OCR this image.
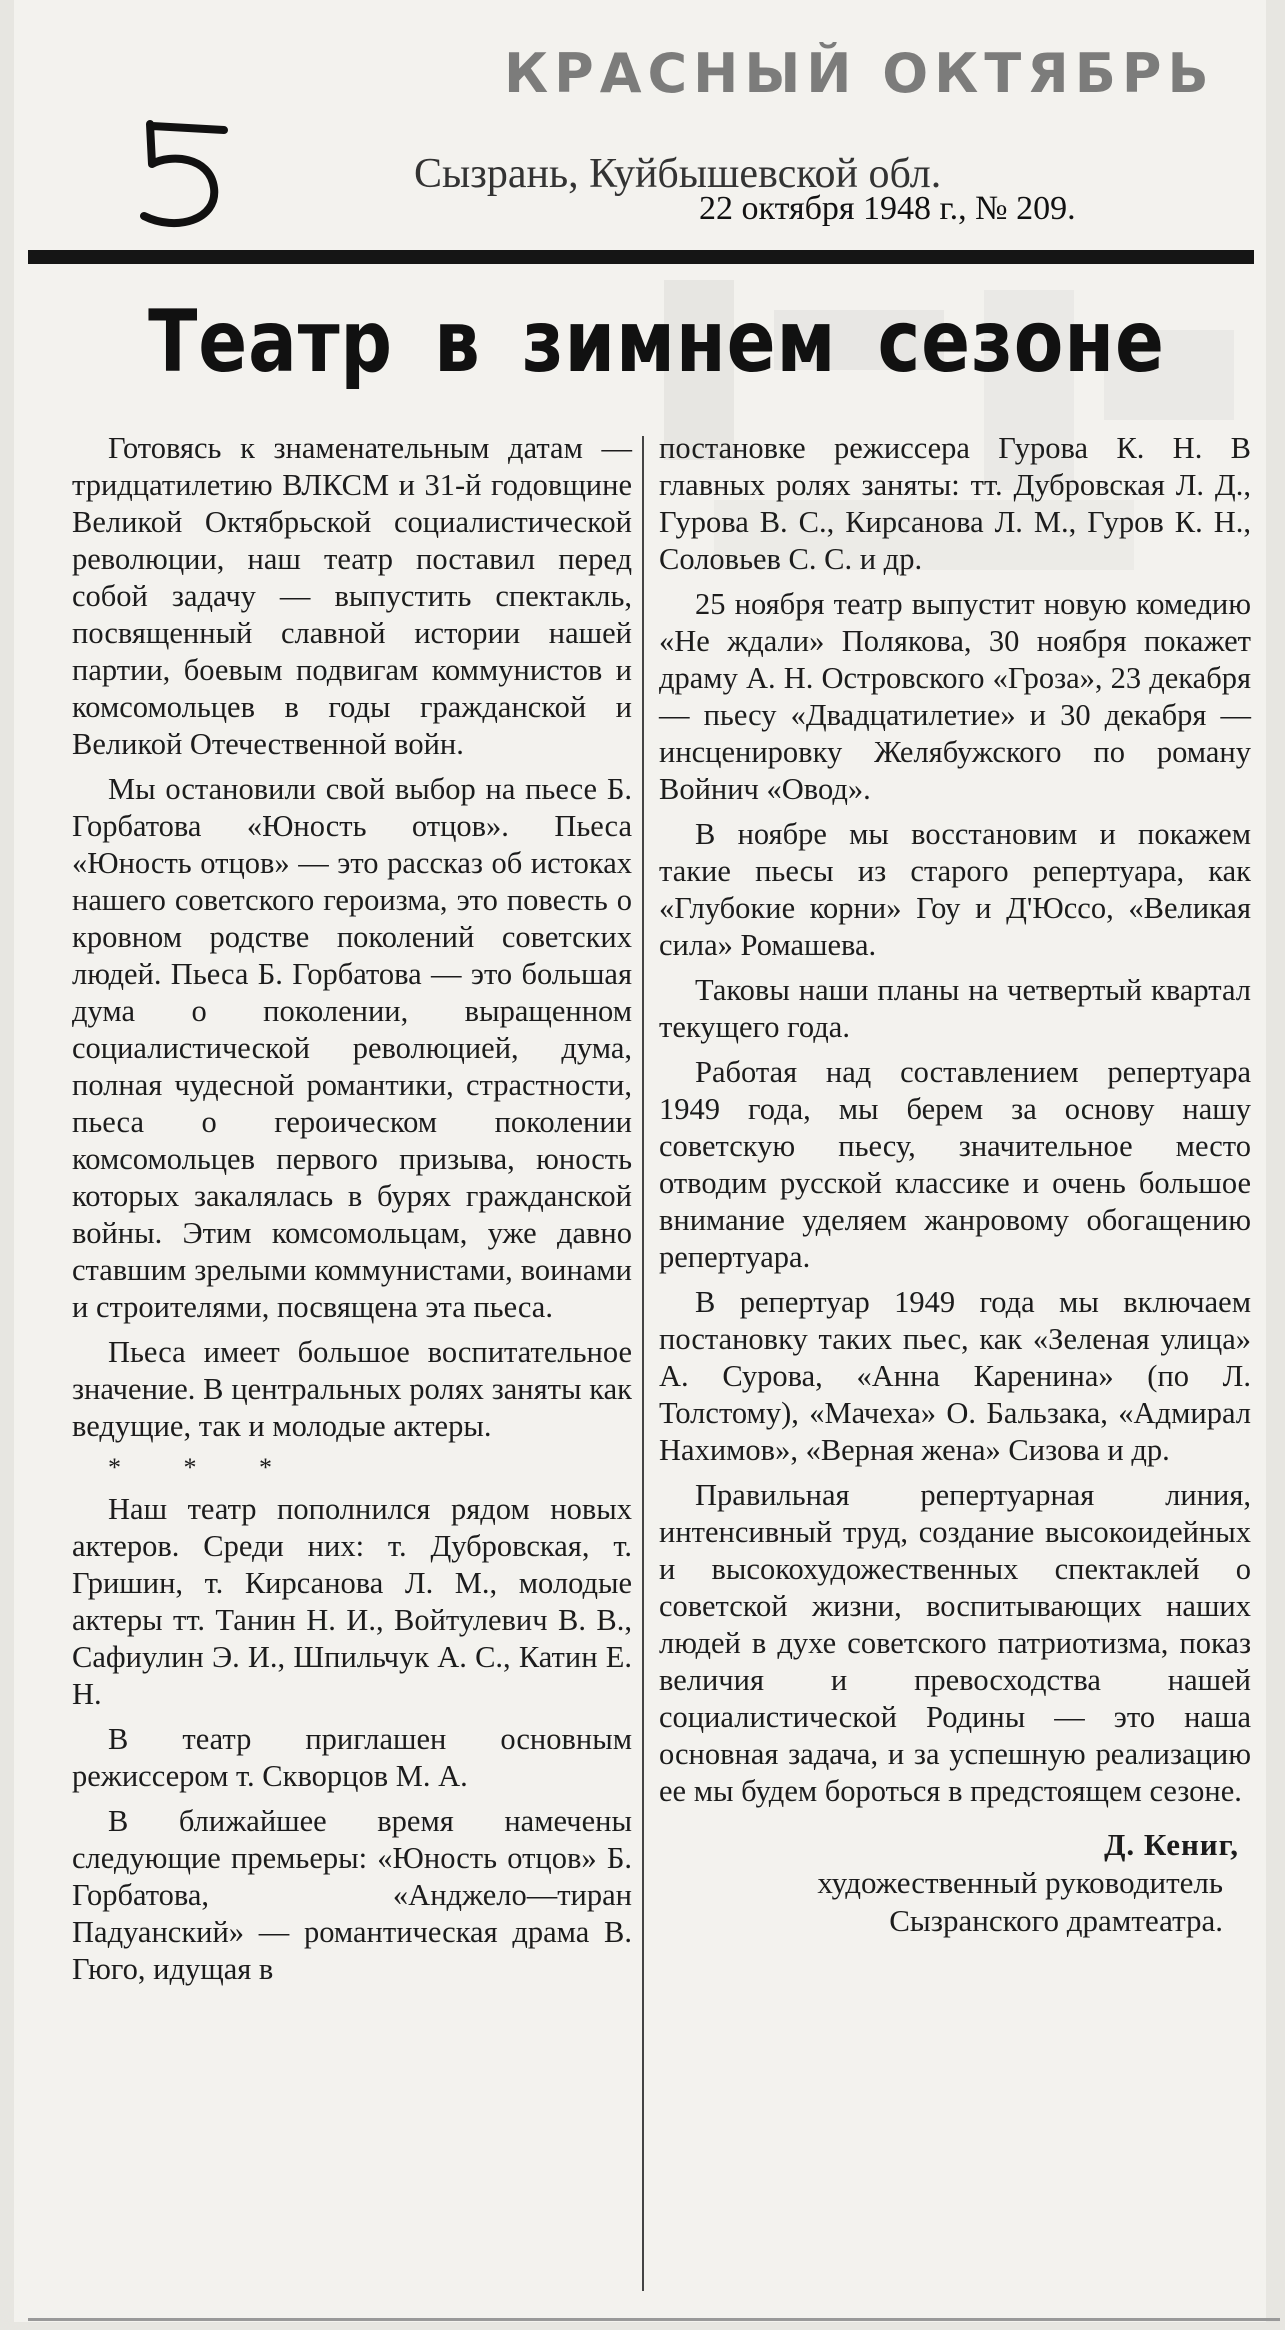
КРАСНЫЙ ОКТЯБРЬ
Сызрань, Куйбышевской обл.
22 октября 1948 г., № 209.
Театр в зимнем сезоне

Готовясь к знаменательным датам — тридцатилетию ВЛКСМ и 31-й годовщине Великой Октябрьской социалистической революции, наш театр поставил перед собой задачу — выпустить спектакль, посвященный славной истории нашей партии, боевым подвигам коммунистов и комсомольцев в годы гражданской и Великой Отечественной войн.

Мы остановили свой выбор на пьесе Б. Горбатова «Юность отцов». Пьеса «Юность отцов» — это рассказ об истоках нашего советского героизма, это повесть о кровном родстве поколений советских людей. Пьеса Б. Горбатова — это большая дума о поколении, выращенном социалистической революцией, дума, полная чудесной романтики, страстности, пьеса о героическом поколении комсомольцев первого призыва, юность которых закалялась в бурях гражданской войны. Этим комсомольцам, уже давно ставшим зрелыми коммунистами, воинами и строителями, посвящена эта пьеса.

Пьеса имеет большое воспитательное значение. В центральных ролях заняты как ведущие, так и молодые актеры.

* * *

Наш театр пополнился рядом новых актеров. Среди них: т. Дубровская, т. Гришин, т. Кирсанова Л. М., молодые актеры тт. Танин Н. И., Войтулевич В. В., Сафиулин Э. И., Шпильчук А. С., Катин Е. Н.

В театр приглашен основным режиссером т. Скворцов М. А.

В ближайшее время намечены следующие премьеры: «Юность отцов» Б. Горбатова, «Анджело—тиран Падуанский» — романтическая драма В. Гюго, идущая в

постановке режиссера Гурова К. Н. В главных ролях заняты: тт. Дубровская Л. Д., Гурова В. С., Кирсанова Л. М., Гуров К. Н., Соловьев С. С. и др.

25 ноября театр выпустит новую комедию «Не ждали» Полякова, 30 ноября покажет драму А. Н. Островского «Гроза», 23 декабря — пьесу «Двадцатилетие» и 30 декабря — инсценировку Желябужского по роману Войнич «Овод».

В ноябре мы восстановим и покажем такие пьесы из старого репертуара, как «Глубокие корни» Гоу и Д'Юссо, «Великая сила» Ромашева.

Таковы наши планы на четвертый квартал текущего года.

Работая над составлением репертуара 1949 года, мы берем за основу нашу советскую пьесу, значительное место отводим русской классике и очень большое внимание уделяем жанровому обогащению репертуара.

В репертуар 1949 года мы включаем постановку таких пьес, как «Зеленая улица» А. Сурова, «Анна Каренина» (по Л. Толстому), «Мачеха» О. Бальзака, «Адмирал Нахимов», «Верная жена» Сизова и др.

Правильная репертуарная линия, интенсивный труд, создание высокоидейных и высокохудожественных спектаклей о советской жизни, воспитывающих наших людей в духе советского патриотизма, показ величия и превосходства нашей социалистической Родины — это наша основная задача, и за успешную реализацию ее мы будем бороться в предстоящем сезоне.

Д. Кениг,
художественный руководитель
Сызранского драмтеатра.
